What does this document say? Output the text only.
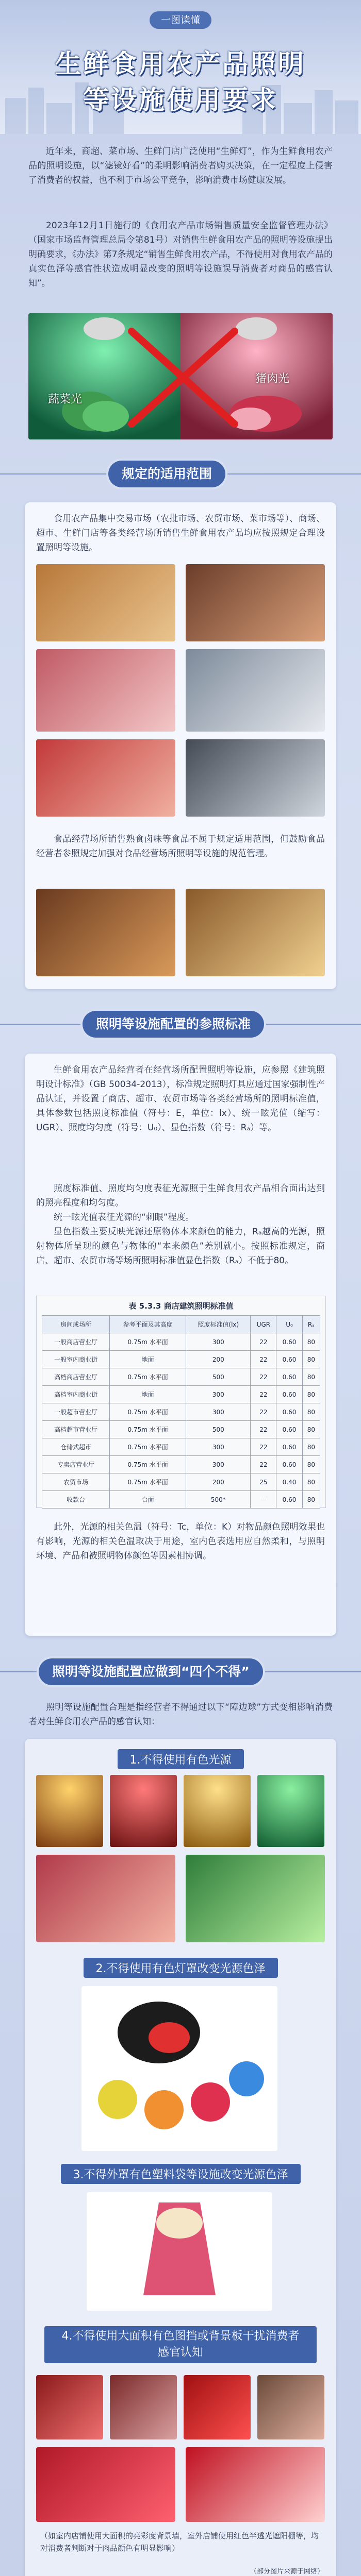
一图读懂
生鲜食用农产品照明
等设施使用要求
近年来，商超、菜市场、生鲜门店广泛使用“生鲜灯”，作为生鲜食用农产品的照明设施，以“滤镜好看”的柔明影响消费者购买决策，在一定程度上侵害了消费者的权益，也不利于市场公平竞争，影响消费市场健康发展。
2023年12月1日施行的《食用农产品市场销售质量安全监督管理办法》（国家市场监督管理总局令第81号）对销售生鲜食用农产品的照明等设施提出明确要求，《办法》第7条规定“销售生鲜食用农产品，不得使用对食用农产品的真实色泽等感官性状造成明显改变的照明等设施误导消费者对商品的感官认知”。
蔬菜光
猪肉光
规定的适用范围
食用农产品集中交易市场（农批市场、农贸市场、菜市场等）、商场、超市、生鲜门店等各类经营场所销售生鲜食用农产品均应按照规定合理设置照明等设施。
食品经营场所销售熟食卤味等食品不属于规定适用范围，但鼓励食品经营者参照规定加强对食品经营场所照明等设施的规范管理。
照明等设施配置的参照标准
生鲜食用农产品经营者在经营场所配置照明等设施，应参照《建筑照明设计标准》（GB 50034-2013），标准规定照明灯具应通过国家强制性产品认证，并设置了商店、超市、农贸市场等各类经营场所的照明标准值，具体参数包括照度标准值（符号：E，单位：lx）、统一眩光值（缩写：UGR）、照度均匀度（符号：U₀）、显色指数（符号：Rₐ）等。
照度标准值、照度均匀度表征光源照于生鲜食用农产品相合面出达到的照亮程度和均匀度。
统一眩光值表征光源的“刺眼”程度。
显色指数主要反映光源还原物体本来颜色的能力，Rₐ越高的光源，照射物体所呈现的颜色与物体的“本来颜色”差别就小。按照标准规定，商店、超市、农贸市场等场所照明标准值显色指数（Rₐ）不低于80。
表 5.3.3 商店建筑照明标准值
房间或场所	参考平面及其高度	照度标准值(lx)	UGR	U₀	Rₐ
一般商店营业厅	0.75m 水平面	300	22	0.60	80
一般室内商业街	地面	200	22	0.60	80
高档商店营业厅	0.75m 水平面	500	22	0.60	80
高档室内商业街	地面	300	22	0.60	80
一般超市营业厅	0.75m 水平面	300	22	0.60	80
高档超市营业厅	0.75m 水平面	500	22	0.60	80
仓储式超市	0.75m 水平面	300	22	0.60	80
专卖店营业厅	0.75m 水平面	300	22	0.60	80
农贸市场	0.75m 水平面	200	25	0.40	80
收款台	台面	500*	—	0.60	80
此外，光源的相关色温（符号：Tc，单位：K）对物品颜色照明效果也有影响，光源的相关色温取决于用途，室内色表选用应自然柔和，与照明环境、产品和被照明物体颜色等因素相协调。
照明等设施配置应做到“四个不得”
照明等设施配置合理是指经营者不得通过以下“障边球”方式变相影响消费者对生鲜食用农产品的感官认知：
1.不得使用有色光源
2.不得使用有色灯罩改变光源色泽
3.不得外罩有色塑料袋等设施改变光源色泽
4.不得使用大面积有色图挡或背景板干扰消费者感官认知
（如室内店铺使用大面积的亮彩度背景墙，室外店铺使用红色半透光遮阳棚等，均对消费者判断对于肉品颜色有明显影响）
（部分图片来源于网络）
